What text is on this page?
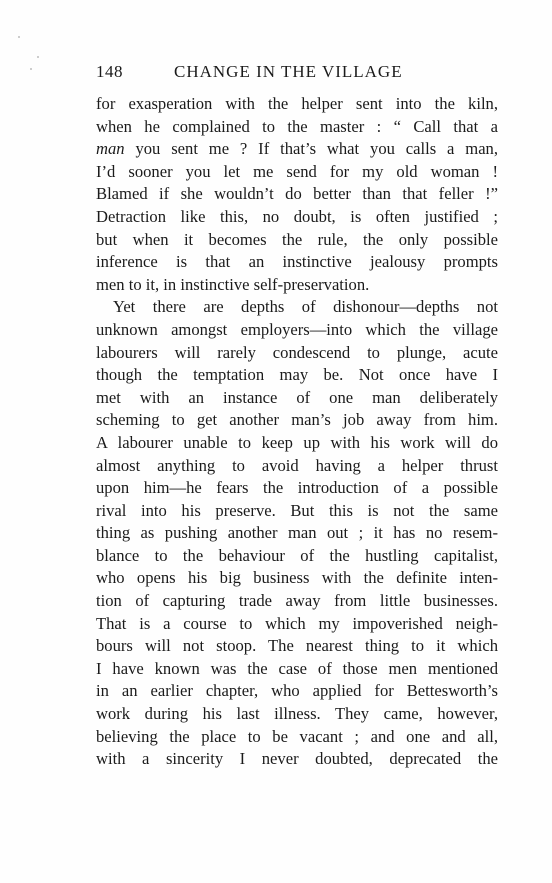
148	CHANGE IN THE VILLAGE
for exasperation with the helper sent into the kiln,
when he complained to the master : “ Call that a
man you sent me ? If that’s what you calls a man,
I’d sooner you let me send for my old woman !
Blamed if she wouldn’t do better than that feller !”
Detraction like this, no doubt, is often justified ;
but when it becomes the rule, the only possible
inference is that an instinctive jealousy prompts
men to it, in instinctive self-preservation.
Yet there are depths of dishonour—depths not
unknown amongst employers—into which the village
labourers will rarely condescend to plunge, acute
though the temptation may be. Not once have I
met with an instance of one man deliberately
scheming to get another man’s job away from him.
A labourer unable to keep up with his work will do
almost anything to avoid having a helper thrust
upon him—he fears the introduction of a possible
rival into his preserve. But this is not the same
thing as pushing another man out ; it has no resem-
blance to the behaviour of the hustling capitalist,
who opens his big business with the definite inten-
tion of capturing trade away from little businesses.
That is a course to which my impoverished neigh-
bours will not stoop. The nearest thing to it which
I have known was the case of those men mentioned
in an earlier chapter, who applied for Bettesworth’s
work during his last illness. They came, however,
believing the place to be vacant ; and one and all,
with a sincerity I never doubted, deprecated the
